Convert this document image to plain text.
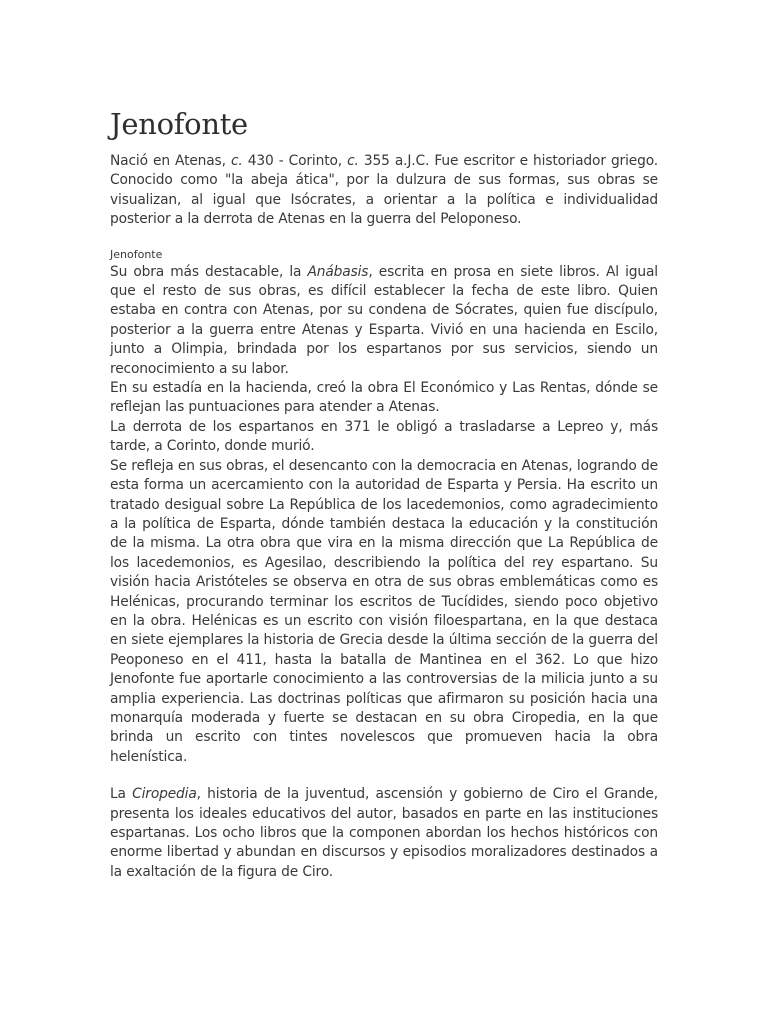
Jenofonte

Nació en Atenas, c. 430 - Corinto, c. 355 a.J.C. Fue escritor e historiador griego. Conocido como "la abeja ática", por la dulzura de sus formas, sus obras se visualizan, al igual que Isócrates, a orientar a la política e individualidad posterior a la derrota de Atenas en la guerra del Peloponeso.

Jenofonte

Su obra más destacable, la Anábasis, escrita en prosa en siete libros. Al igual que el resto de sus obras, es difícil establecer la fecha de este libro. Quien estaba en contra con Atenas, por su condena de Sócrates, quien fue discípulo, posterior a la guerra entre Atenas y Esparta. Vivió en una hacienda en Escilo, junto a Olimpia, brindada por los espartanos por sus servicios, siendo un reconocimiento a su labor.

En su estadía en la hacienda, creó la obra El Económico y Las Rentas, dónde se reflejan las puntuaciones para atender a Atenas.

La derrota de los espartanos en 371 le obligó a trasladarse a Lepreo y, más tarde, a Corinto, donde murió.

Se refleja en sus obras, el desencanto con la democracia en Atenas, logrando de esta forma un acercamiento con la autoridad de Esparta y Persia. Ha escrito un tratado desigual sobre La República de los lacedemonios, como agradecimiento a la política de Esparta, dónde también destaca la educación y la constitución de la misma. La otra obra que vira en la misma dirección que La República de los lacedemonios, es Agesilao, describiendo la política del rey espartano. Su visión hacia Aristóteles se observa en otra de sus obras emblemáticas como es Helénicas, procurando terminar los escritos de Tucídides, siendo poco objetivo en la obra. Helénicas es un escrito con visión filoespartana, en la que destaca en siete ejemplares la historia de Grecia desde la última sección de la guerra del Peoponeso en el 411, hasta la batalla de Mantinea en el 362. Lo que hizo Jenofonte fue aportarle conocimiento a las controversias de la milicia junto a su amplia experiencia. Las doctrinas políticas que afirmaron su posición hacia una monarquía moderada y fuerte se destacan en su obra Ciropedia, en la que brinda un escrito con tintes novelescos que promueven hacia la obra helenística.

La Ciropedia, historia de la juventud, ascensión y gobierno de Ciro el Grande, presenta los ideales educativos del autor, basados en parte en las instituciones espartanas. Los ocho libros que la componen abordan los hechos históricos con enorme libertad y abundan en discursos y episodios moralizadores destinados a la exaltación de la figura de Ciro.
